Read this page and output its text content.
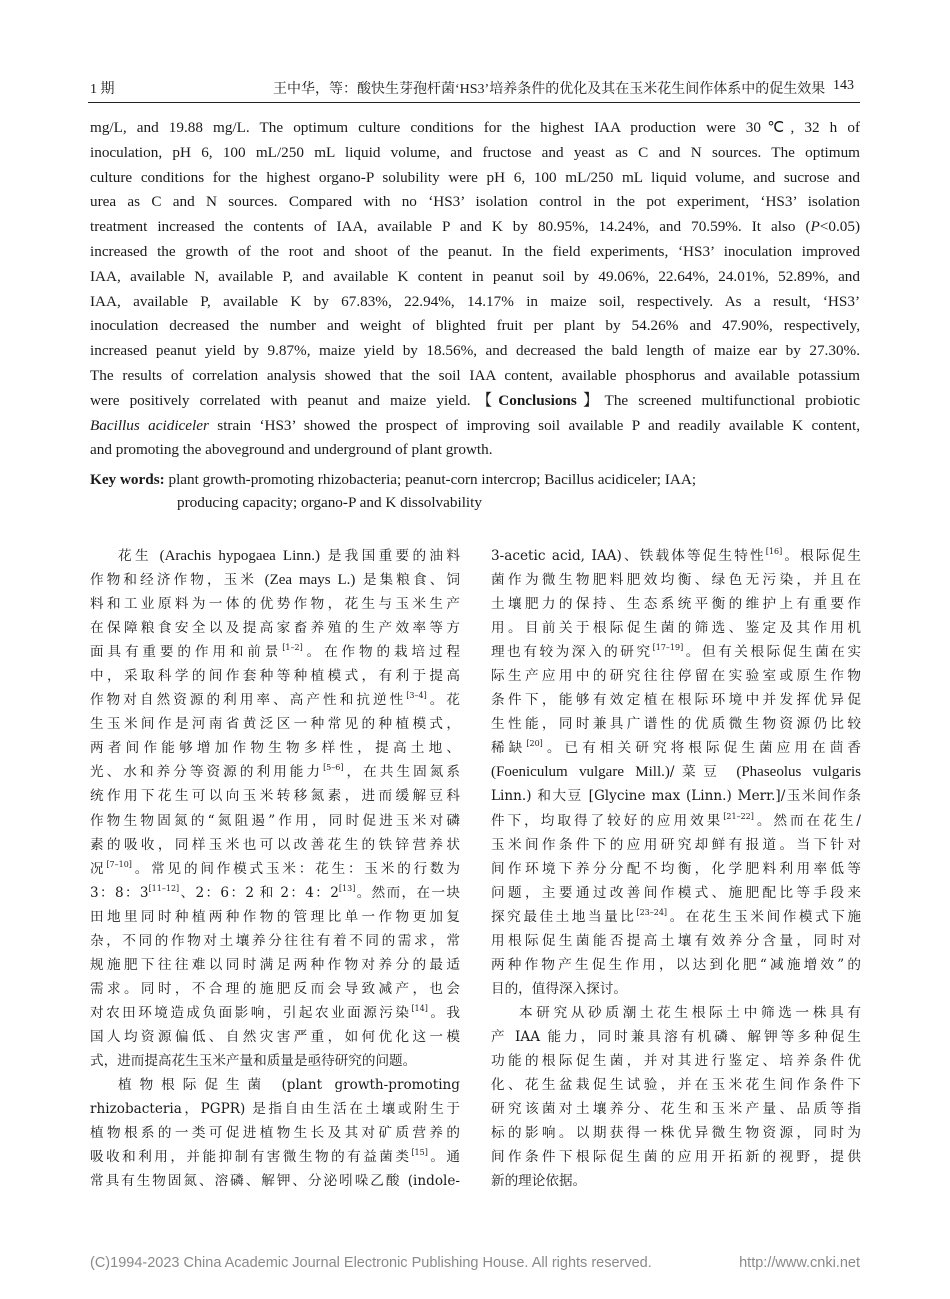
1 期	王中华，等：酸快生芽孢杆菌‘HS3’培养条件的优化及其在玉米花生间作体系中的促生效果 143
mg/L, and 19.88 mg/L. The optimum culture conditions for the highest IAA production were 30℃, 32 h of
inoculation, pH 6, 100 mL/250 mL liquid volume, and fructose and yeast as C and N sources. The optimum
culture conditions for the highest organo-P solubility were pH 6, 100 mL/250 mL liquid volume, and sucrose and
urea as C and N sources. Compared with no ‘HS3’ isolation control in the pot experiment, ‘HS3’ isolation
treatment increased the contents of IAA, available P and K by 80.95%, 14.24%, and 70.59%. It also (P<0.05)
increased the growth of the root and shoot of the peanut. In the field experiments, ‘HS3’ inoculation improved
IAA, available N, available P, and available K content in peanut soil by 49.06%, 22.64%, 24.01%, 52.89%, and
IAA, available P, available K by 67.83%, 22.94%, 14.17% in maize soil, respectively. As a result, ‘HS3’
inoculation decreased the number and weight of blighted fruit per plant by 54.26% and 47.90%, respectively,
increased peanut yield by 9.87%, maize yield by 18.56%, and decreased the bald length of maize ear by 27.30%.
The results of correlation analysis showed that the soil IAA content, available phosphorus and available potassium
were positively correlated with peanut and maize yield.【Conclusions】The screened multifunctional probiotic
Bacillus acidiceler strain ‘HS3’ showed the prospect of improving soil available P and readily available K content,
and promoting the aboveground and underground of plant growth.
Key words: plant growth-promoting rhizobacteria; peanut-corn intercrop; Bacillus acidiceler; IAA;
producing capacity; organo-P and K dissolvability
花生 (Arachis hypogaea Linn.) 是我国重要的油料
作物和经济作物，玉米 (Zea mays L.) 是集粮食、饲
料和工业原料为一体的优势作物，花生与玉米生产
在保障粮食安全以及提高家畜养殖的生产效率等方
面具有重要的作用和前景[1–2]。在作物的栽培过程
中，采取科学的间作套种等种植模式，有利于提高
作物对自然资源的利用率、高产性和抗逆性[3–4]。花
生玉米间作是河南省黄泛区一种常见的种植模式，
两者间作能够增加作物生物多样性，提高土地、
光、水和养分等资源的利用能力[5–6]，在共生固氮系
统作用下花生可以向玉米转移氮素，进而缓解豆科
作物生物固氮的“氮阻遏”作用，同时促进玉米对磷
素的吸收，同样玉米也可以改善花生的铁锌营养状
况[7–10]。常见的间作模式玉米：花生：玉米的行数为
3：8：3[11–12]、2：6：2 和 2：4：2[13]。然而，在一块
田地里同时种植两种作物的管理比单一作物更加复
杂，不同的作物对土壤养分往往有着不同的需求，常
规施肥下往往难以同时满足两种作物对养分的最适
需求。同时，不合理的施肥反而会导致减产，也会
对农田环境造成负面影响，引起农业面源污染[14]。我
国人均资源偏低、自然灾害严重，如何优化这一模
式，进而提高花生玉米产量和质量是亟待研究的问题。
植物根际促生菌 (plant growth-promoting
rhizobacteria，PGPR) 是指自由生活在土壤或附生于
植物根系的一类可促进植物生长及其对矿质营养的
吸收和利用，并能抑制有害微生物的有益菌类[15]。通
常具有生物固氮、溶磷、解钾、分泌吲哚乙酸 (indole-
3-acetic acid, IAA)、铁载体等促生特性[16]。根际促生
菌作为微生物肥料肥效均衡、绿色无污染，并且在
土壤肥力的保持、生态系统平衡的维护上有重要作
用。目前关于根际促生菌的筛选、鉴定及其作用机
理也有较为深入的研究[17–19]。但有关根际促生菌在实
际生产应用中的研究往往停留在实验室或原生作物
条件下，能够有效定植在根际环境中并发挥优异促
生性能，同时兼具广谱性的优质微生物资源仍比较
稀缺[20]。已有相关研究将根际促生菌应用在茴香
(Foeniculum vulgare Mill.)/菜豆 (Phaseolus vulgaris
Linn.) 和大豆 [Glycine max (Linn.) Merr.]/玉米间作条
件下，均取得了较好的应用效果[21–22]。然而在花生/
玉米间作条件下的应用研究却鲜有报道。当下针对
间作环境下养分分配不均衡，化学肥料利用率低等
问题，主要通过改善间作模式、施肥配比等手段来
探究最佳土地当量比[23–24]。在花生玉米间作模式下施
用根际促生菌能否提高土壤有效养分含量，同时对
两种作物产生促生作用，以达到化肥“减施增效”的
目的，值得深入探讨。
本研究从砂质潮土花生根际土中筛选一株具有
产 IAA 能力，同时兼具溶有机磷、解钾等多种促生
功能的根际促生菌，并对其进行鉴定、培养条件优
化、花生盆栽促生试验，并在玉米花生间作条件下
研究该菌对土壤养分、花生和玉米产量、品质等指
标的影响。以期获得一株优异微生物资源，同时为
间作条件下根际促生菌的应用开拓新的视野，提供
新的理论依据。
(C)1994-2023 China Academic Journal Electronic Publishing House. All rights reserved.	http://www.cnki.net
